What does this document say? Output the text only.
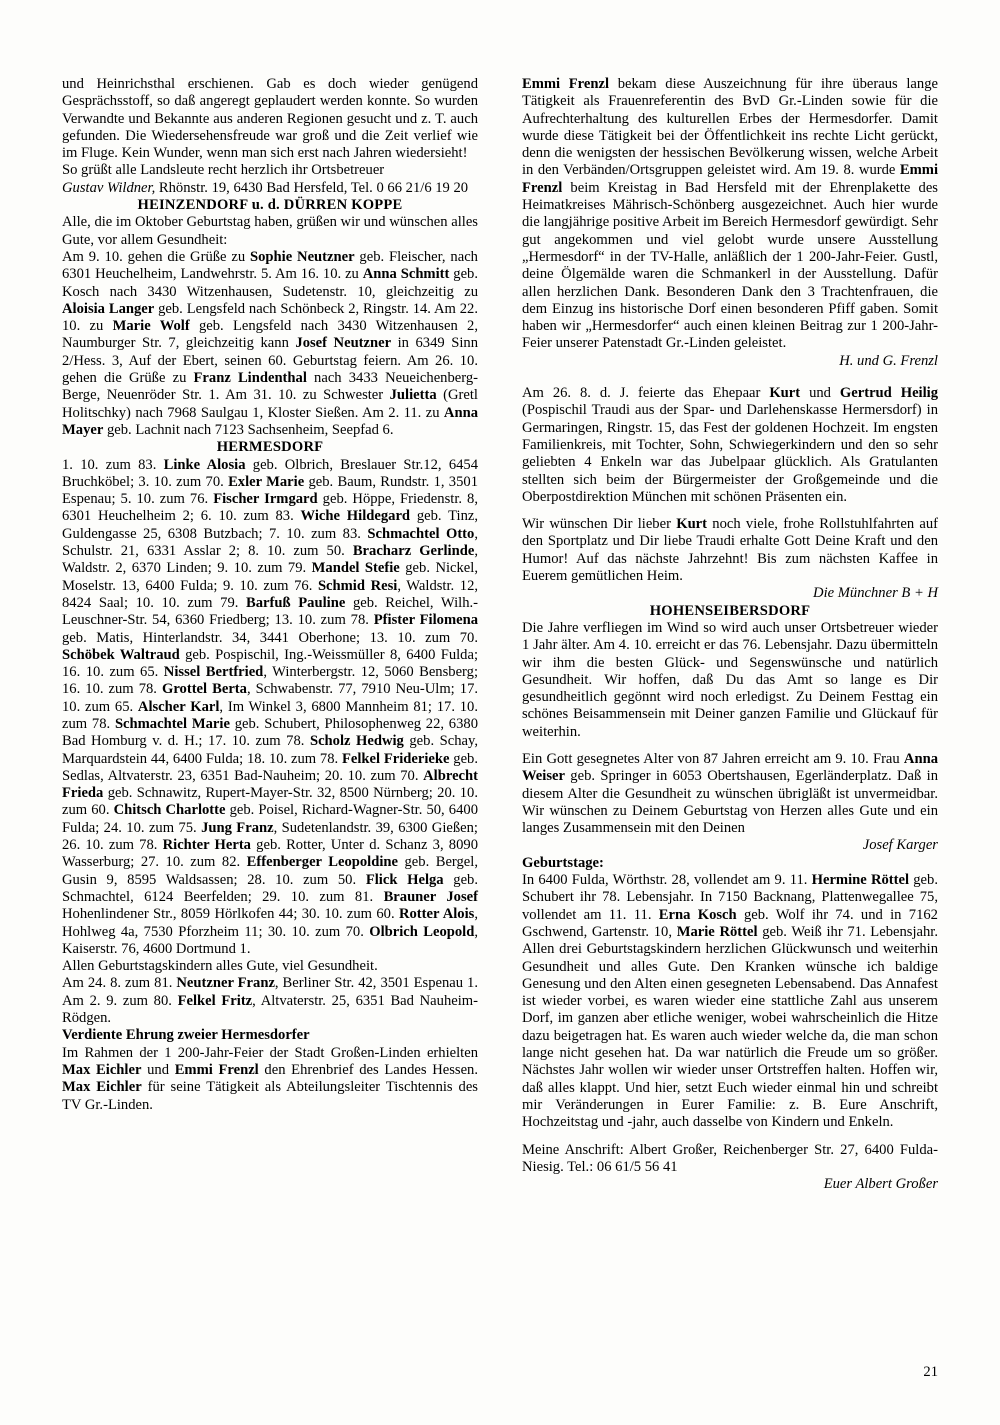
und Heinrichsthal erschienen. Gab es doch wieder genügend Gesprächsstoff, so daß angeregt geplaudert werden konnte. So wurden Verwandte und Bekannte aus anderen Regionen gesucht und z. T. auch gefunden. Die Wiedersehensfreude war groß und die Zeit verlief wie im Fluge. Kein Wunder, wenn man sich erst nach Jahren wiedersieht!

So grüßt alle Landsleute recht herzlich ihr Ortsbetreuer
Gustav Wildner, Rhönstr. 19, 6430 Bad Hersfeld, Tel. 0 66 21/6 19 20

HEINZENDORF u. d. DÜRREN KOPPE

Alle, die im Oktober Geburtstag haben, grüßen wir und wünschen alles Gute, vor allem Gesundheit:

Am 9. 10. gehen die Grüße zu Sophie Neutzner geb. Fleischer, nach 6301 Heuchelheim, Landwehrstr. 5. Am 16. 10. zu Anna Schmitt geb. Kosch nach 3430 Witzenhausen, Sudetenstr. 10, gleichzeitig zu Aloisia Langer geb. Lengsfeld nach Schönbeck 2, Ringstr. 14. Am 22. 10. zu Marie Wolf geb. Lengsfeld nach 3430 Witzenhausen 2, Naumburger Str. 7, gleichzeitig kann Josef Neutzner in 6349 Sinn 2/Hess. 3, Auf der Ebert, seinen 60. Geburtstag feiern. Am 26. 10. gehen die Grüße zu Franz Lindenthal nach 3433 Neueichenberg-Berge, Neuenröder Str. 1. Am 31. 10. zu Schwester Julietta (Gretl Holitschky) nach 7968 Saulgau 1, Kloster Sießen. Am 2. 11. zu Anna Mayer geb. Lachnit nach 7123 Sachsenheim, Seepfad 6.

HERMESDORF

1. 10. zum 83. Linke Alosia geb. Olbrich, Breslauer Str.12, 6454 Bruchköbel; 3. 10. zum 70. Exler Marie geb. Baum, Rundstr. 1, 3501 Espenau; 5. 10. zum 76. Fischer Irmgard geb. Höppe, Friedenstr. 8, 6301 Heuchelheim 2; 6. 10. zum 83. Wiche Hildegard geb. Tinz, Guldengasse 25, 6308 Butzbach; 7. 10. zum 83. Schmachtel Otto, Schulstr. 21, 6331 Asslar 2; 8. 10. zum 50. Bracharz Gerlinde, Waldstr. 2, 6370 Linden; 9. 10. zum 79. Mandel Stefie geb. Nickel, Moselstr. 13, 6400 Fulda; 9. 10. zum 76. Schmid Resi, Waldstr. 12, 8424 Saal; 10. 10. zum 79. Barfuß Pauline geb. Reichel, Wilh.-Leuschner-Str. 54, 6360 Friedberg; 13. 10. zum 78. Pfister Filomena geb. Matis, Hinterlandstr. 34, 3441 Oberhone; 13. 10. zum 70. Schöbek Waltraud geb. Pospischil, Ing.-Weissmüller 8, 6400 Fulda; 16. 10. zum 65. Nissel Bertfried, Winterbergstr. 12, 5060 Bensberg; 16. 10. zum 78. Grottel Berta, Schwabenstr. 77, 7910 Neu-Ulm; 17. 10. zum 65. Alscher Karl, Im Winkel 3, 6800 Mannheim 81; 17. 10. zum 78. Schmachtel Marie geb. Schubert, Philosophenweg 22, 6380 Bad Homburg v. d. H.; 17. 10. zum 78. Scholz Hedwig geb. Schay, Marquardstein 44, 6400 Fulda; 18. 10. zum 78. Felkel Friderieke geb. Sedlas, Altvaterstr. 23, 6351 Bad-Nauheim; 20. 10. zum 70. Albrecht Frieda geb. Schnawitz, Rupert-Mayer-Str. 32, 8500 Nürnberg; 20. 10. zum 60. Chitsch Charlotte geb. Poisel, Richard-Wagner-Str. 50, 6400 Fulda; 24. 10. zum 75. Jung Franz, Sudetenlandstr. 39, 6300 Gießen; 26. 10. zum 78. Richter Herta geb. Rotter, Unter d. Schanz 3, 8090 Wasserburg; 27. 10. zum 82. Effenberger Leopoldine geb. Bergel, Gusin 9, 8595 Waldsassen; 28. 10. zum 50. Flick Helga geb. Schmachtel, 6124 Beerfelden; 29. 10. zum 81. Brauner Josef Hohenlindener Str., 8059 Hörlkofen 44; 30. 10. zum 60. Rotter Alois, Hohlweg 4a, 7530 Pforzheim 11; 30. 10. zum 70. Olbrich Leopold, Kaiserstr. 76, 4600 Dortmund 1.

Allen Geburtstagskindern alles Gute, viel Gesundheit.

Am 24. 8. zum 81. Neutzner Franz, Berliner Str. 42, 3501 Espenau 1. Am 2. 9. zum 80. Felkel Fritz, Altvaterstr. 25, 6351 Bad Nauheim-Rödgen.

Verdiente Ehrung zweier Hermesdorfer

Im Rahmen der 1 200-Jahr-Feier der Stadt Großen-Linden erhielten Max Eichler und Emmi Frenzl den Ehrenbrief des Landes Hessen. Max Eichler für seine Tätigkeit als Abteilungsleiter Tischtennis des TV Gr.-Linden.

Emmi Frenzl bekam diese Auszeichnung für ihre überaus lange Tätigkeit als Frauenreferentin des BvD Gr.-Linden sowie für die Aufrechterhaltung des kulturellen Erbes der Hermesdorfer. Damit wurde diese Tätigkeit bei der Öffentlichkeit ins rechte Licht gerückt, denn die wenigsten der hessischen Bevölkerung wissen, welche Arbeit in den Verbänden/Ortsgruppen geleistet wird. Am 19. 8. wurde Emmi Frenzl beim Kreistag in Bad Hersfeld mit der Ehrenplakette des Heimatkreises Mährisch-Schönberg ausgezeichnet. Auch hier wurde die langjährige positive Arbeit im Bereich Hermesdorf gewürdigt. Sehr gut angekommen und viel gelobt wurde unsere Ausstellung „Hermesdorf“ in der TV-Halle, anläßlich der 1 200-Jahr-Feier. Gustl, deine Ölgemälde waren die Schmankerl in der Ausstellung. Dafür allen herzlichen Dank. Besonderen Dank den 3 Trachtenfrauen, die dem Einzug ins historische Dorf einen besonderen Pfiff gaben. Somit haben wir „Hermesdorfer“ auch einen kleinen Beitrag zur 1 200-Jahr-Feier unserer Patenstadt Gr.-Linden geleistet.

H. und G. Frenzl

Am 26. 8. d. J. feierte das Ehepaar Kurt und Gertrud Heilig (Pospischil Traudi aus der Spar- und Darlehenskasse Hermersdorf) in Germaringen, Ringstr. 15, das Fest der goldenen Hochzeit. Im engsten Familienkreis, mit Tochter, Sohn, Schwiegerkindern und den so sehr geliebten 4 Enkeln war das Jubelpaar glücklich. Als Gratulanten stellten sich beim der Bürgermeister der Großgemeinde und die Oberpostdirektion München mit schönen Präsenten ein.

Wir wünschen Dir lieber Kurt noch viele, frohe Rollstuhlfahrten auf den Sportplatz und Dir liebe Traudi erhalte Gott Deine Kraft und den Humor! Auf das nächste Jahrzehnt! Bis zum nächsten Kaffee in Euerem gemütlichen Heim.

Die Münchner B + H

HOHENSEIBERSDORF

Die Jahre verfliegen im Wind so wird auch unser Ortsbetreuer wieder 1 Jahr älter. Am 4. 10. erreicht er das 76. Lebensjahr. Dazu übermitteln wir ihm die besten Glück- und Segenswünsche und natürlich Gesundheit. Wir hoffen, daß Du das Amt so lange es Dir gesundheitlich gegönnt wird noch erledigst. Zu Deinem Festtag ein schönes Beisammensein mit Deiner ganzen Familie und Glückauf für weiterhin.

Ein Gott gesegnetes Alter von 87 Jahren erreicht am 9. 10. Frau Anna Weiser geb. Springer in 6053 Obertshausen, Egerländerplatz. Daß in diesem Alter die Gesundheit zu wünschen übrigläßt ist unvermeidbar. Wir wünschen zu Deinem Geburtstag von Herzen alles Gute und ein langes Zusammensein mit den Deinen

Josef Karger

Geburtstage:

In 6400 Fulda, Wörthstr. 28, vollendet am 9. 11. Hermine Röttel geb. Schubert ihr 78. Lebensjahr. In 7150 Backnang, Plattenwegallee 75, vollendet am 11. 11. Erna Kosch geb. Wolf ihr 74. und in 7162 Gschwend, Gartenstr. 10, Marie Röttel geb. Weiß ihr 71. Lebensjahr. Allen drei Geburtstagskindern herzlichen Glückwunsch und weiterhin Gesundheit und alles Gute. Den Kranken wünsche ich baldige Genesung und den Alten einen gesegneten Lebensabend. Das Annafest ist wieder vorbei, es waren wieder eine stattliche Zahl aus unserem Dorf, im ganzen aber etliche weniger, wobei wahrscheinlich die Hitze dazu beigetragen hat. Es waren auch wieder welche da, die man schon lange nicht gesehen hat. Da war natürlich die Freude um so größer. Nächstes Jahr wollen wir wieder unser Ortstreffen halten. Hoffen wir, daß alles klappt. Und hier, setzt Euch wieder einmal hin und schreibt mir Veränderungen in Eurer Familie: z. B. Eure Anschrift, Hochzeitstag und -jahr, auch dasselbe von Kindern und Enkeln.

Meine Anschrift: Albert Großer, Reichenberger Str. 27, 6400 Fulda-Niesig. Tel.: 06 61/5 56 41

Euer Albert Großer

21
